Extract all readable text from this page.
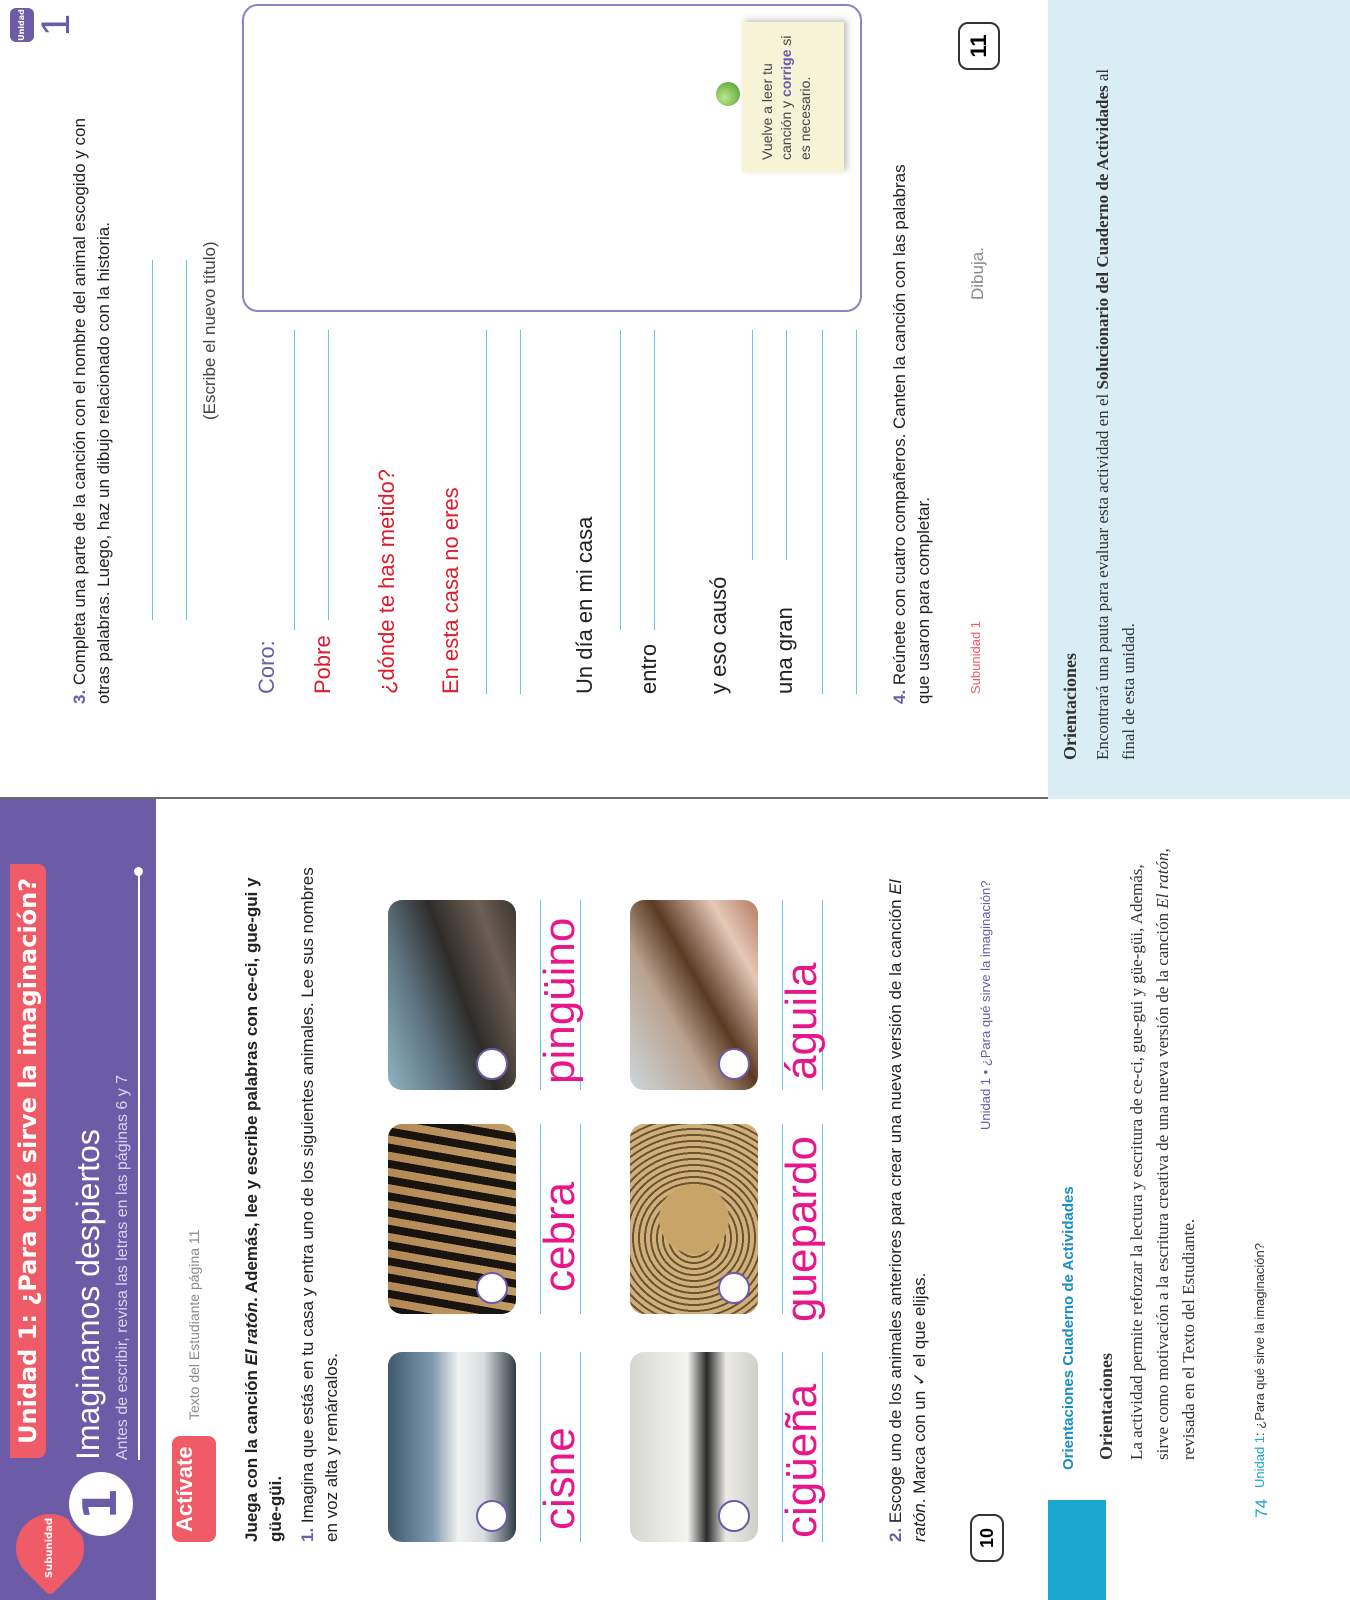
Unidad 1: ¿Para qué sirve la imaginación?
Subunidad
1
Imaginamos despiertos Antes de escribir, revisa las letras en las páginas 6 y 7
Actívate
Texto del Estudiante página 11
Juega con la canción El ratón. Además, lee y escribe palabras con ce-ci, gue-gui y güe-güi. 1. Imagina que estás en tu casa y entra uno de los siguientes animales. Lee sus nombres en voz alta y remárcalos.	cisne
cebra
pingüino
cigüeña
guepardo
águila
2. Escoge uno de los animales anteriores para crear una nueva versión de la canción El ratón. Marca con un ✓ el que elijas.
10
Unidad 1 • ¿Para qué sirve la imaginación?
Unidad 1
3. Completa una parte de la canción con el nombre del animal escogido y con otras palabras. Luego, haz un dibujo relacionado con la historia.	(Escribe el nuevo título)
Coro: Pobre ¿dónde te has metido? En esta casa no eres	Un día en mi casa entro y eso causó una gran
Dibuja.
Vuelve a leer tu canción y corrige si es necesario.
4. Reúnete con cuatro compañeros. Canten la canción con las palabras que usaron para completar.	Subunidad 1
11
Orientaciones Cuaderno de Actividades Orientaciones La actividad permite reforzar la lectura y escritura de ce-ci, gue-gui y güe-güi, Además, sirve como motivación a la escritura creativa de una nueva versión de la canción El ratón, revisada en el Texto del Estudiante.
Orientaciones Encontrará una pauta para evaluar esta actividad en el Solucionario del Cuaderno de Actividades al final de esta unidad.
74
Unidad 1: ¿Para qué sirve la imaginación?
